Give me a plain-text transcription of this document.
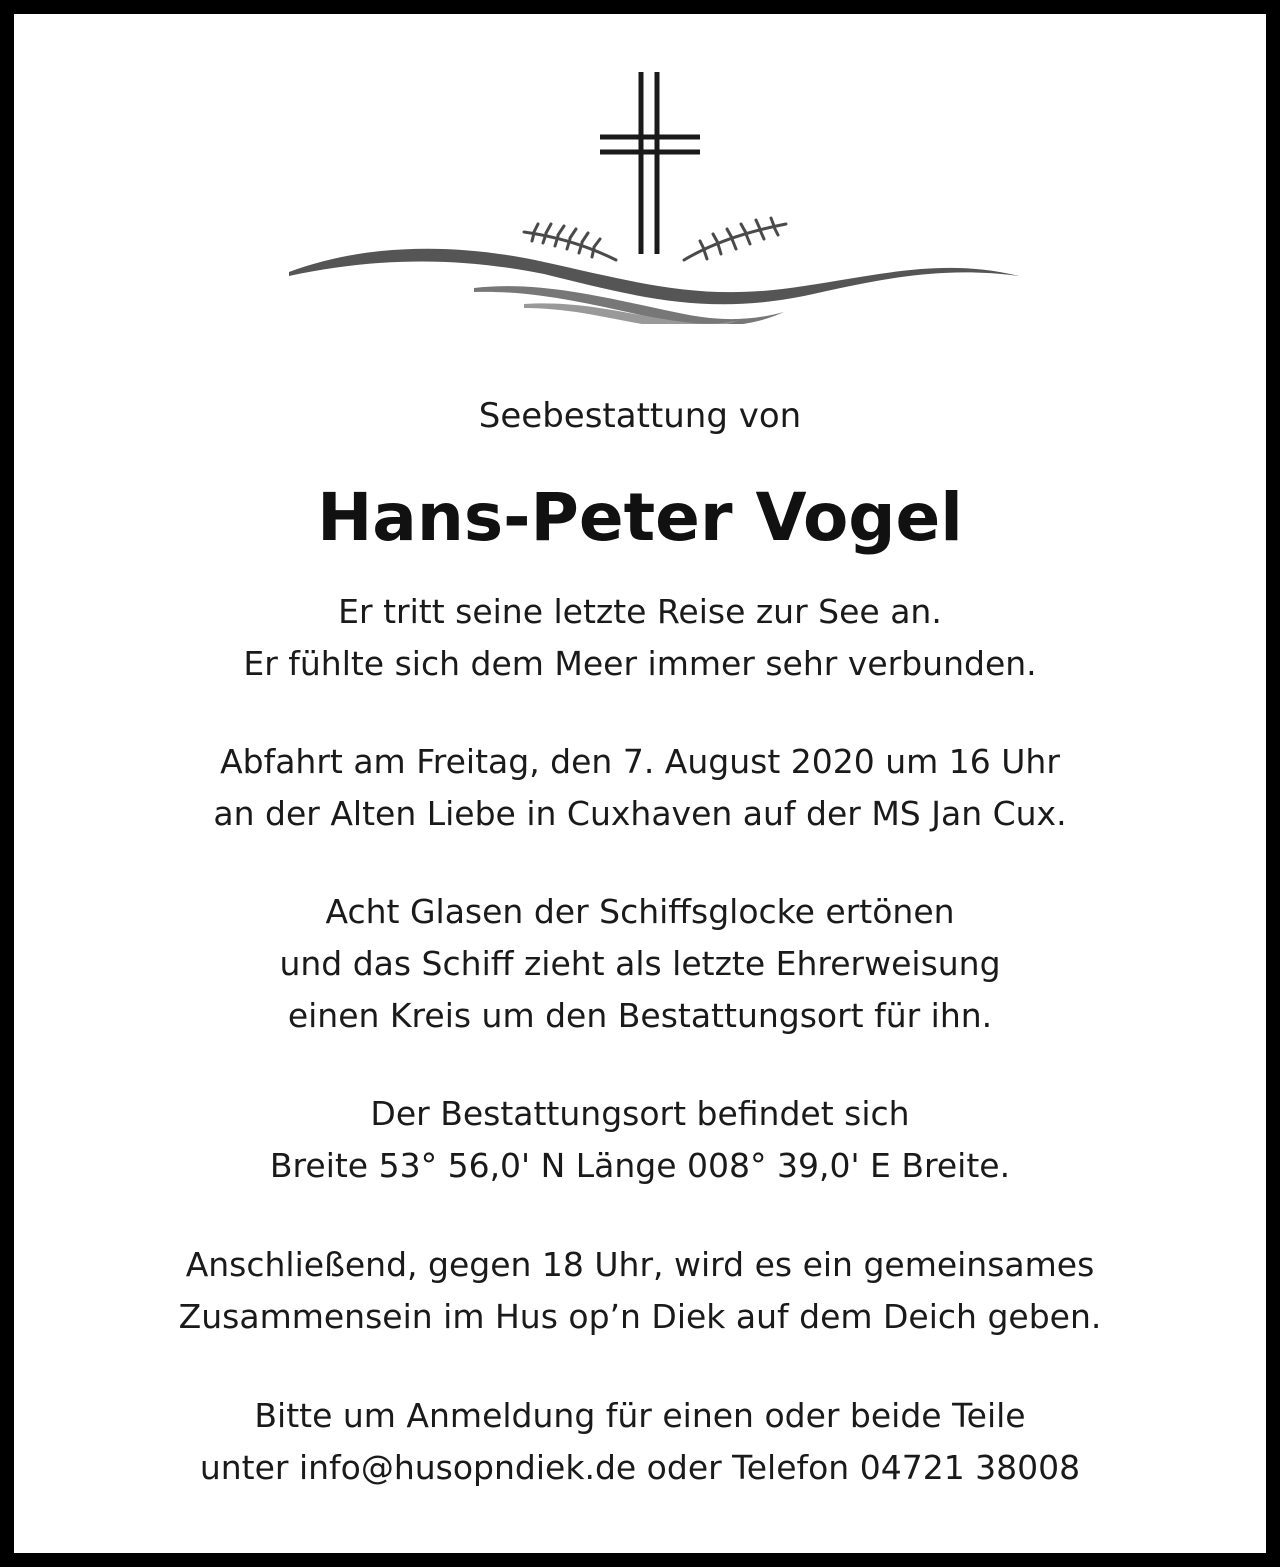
Seebestattung von
Hans-Peter Vogel
Er tritt seine letzte Reise zur See an.
Er fühlte sich dem Meer immer sehr verbunden.
Abfahrt am Freitag, den 7. August 2020 um 16 Uhr
an der Alten Liebe in Cuxhaven auf der MS Jan Cux.
Acht Glasen der Schiffsglocke ertönen
und das Schiff zieht als letzte Ehrerweisung
einen Kreis um den Bestattungsort für ihn.
Der Bestattungsort befindet sich
Breite 53° 56,0' N Länge 008° 39,0' E Breite.
Anschließend, gegen 18 Uhr, wird es ein gemeinsames
Zusammensein im Hus op’n Diek auf dem Deich geben.
Bitte um Anmeldung für einen oder beide Teile
unter info@husopndiek.de oder Telefon 04721 38008
